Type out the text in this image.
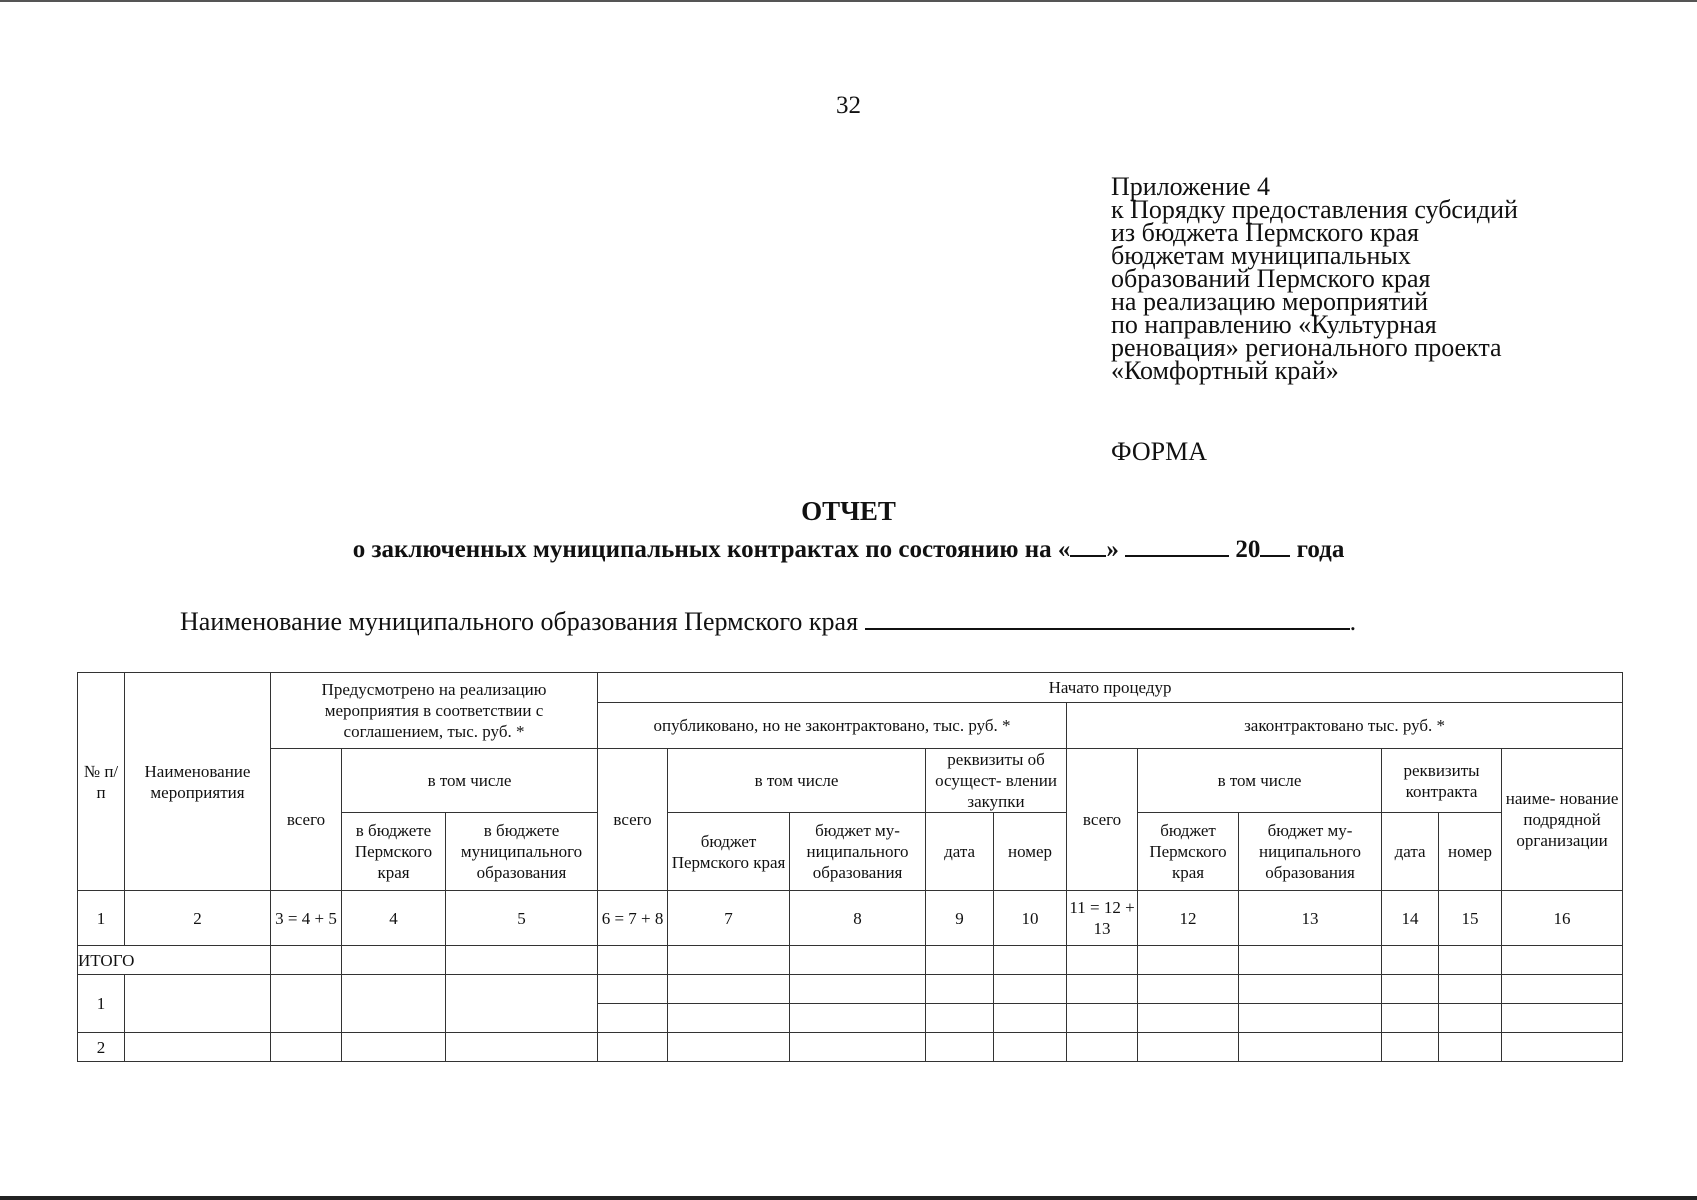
32
Приложение 4
к Порядку предоставления субсидий
из бюджета Пермского края
бюджетам муниципальных
образований Пермского края
на реализацию мероприятий
по направлению «Культурная
реновация» регионального проекта
«Комфортный край»
ФОРМА
ОТЧЕТ
о заключенных муниципальных контрактах по состоянию на « »	20 года
Наименование муниципального образования Пермского края	.
№ п/п	Наименование мероприятия	Предусмотрено на реализацию мероприятия в соответствии с соглашением, тыс. руб. *			Начато процедур										
					опубликовано, но не законтрактовано, тыс. руб. *					законтрактовано тыс. руб. *					
		всего	в том числе		всего	в том числе		реквизиты об осущест- влении закупки		всего	в том числе		реквизиты контракта		наиме- нование подрядной организации
			в бюджете Пермского края	в бюджете муниципального образования		бюджет Пермского края	бюджет му- ниципального образования	дата	номер		бюджет Пермского края	бюджет му- ниципального образования	дата	номер	
1	2	3 = 4 + 5	4	5	6 = 7 + 8	7	8	9	10	11 = 12 + 13	12	13	14	15	16
ИТОГО															
1															

2															
